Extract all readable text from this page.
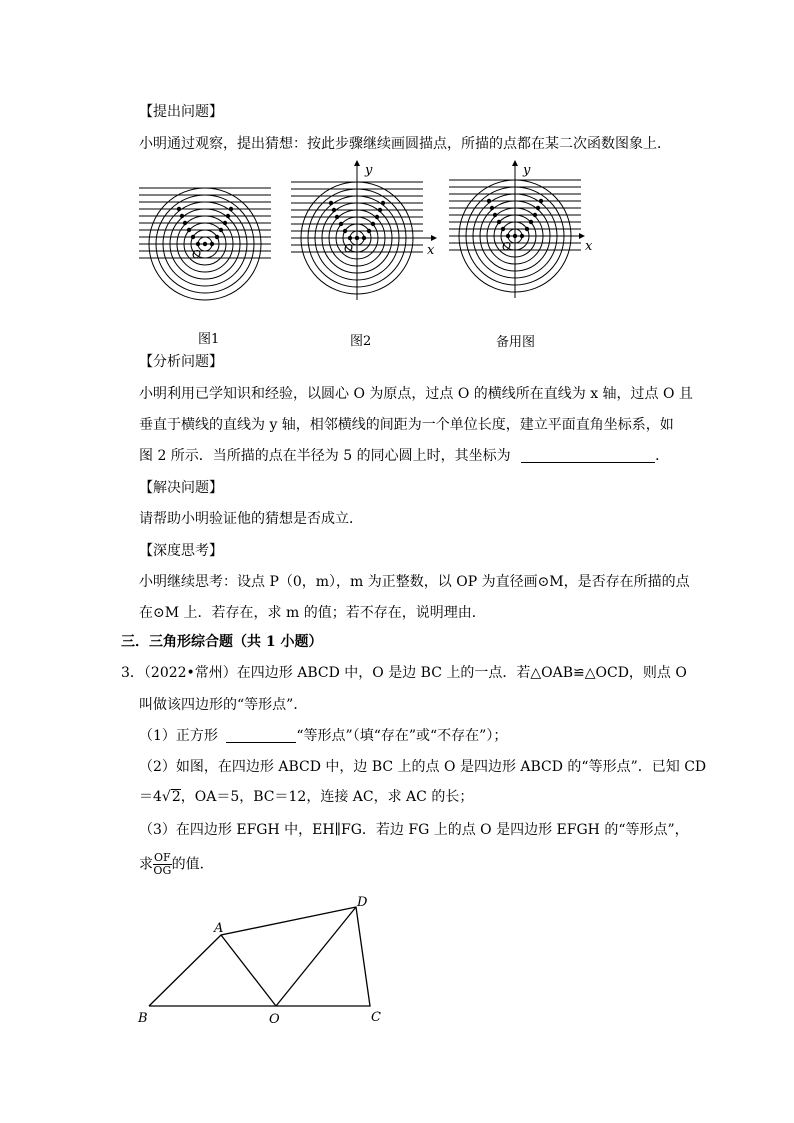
【提出问题】
小明通过观察，提出猜想：按此步骤继续画圆描点，所描的点都在某二次函数图象上．
O	O	x
y
O	x
y
图1	图2	备用图
【分析问题】
小明利用已学知识和经验，以圆心 O 为原点，过点 O 的横线所在直线为 x 轴，过点 O 且
垂直于横线的直线为 y 轴，相邻横线的间距为一个单位长度，建立平面直角坐标系，如
图 2 所示．当所描的点在半径为 5 的同心圆上时，其坐标为	．
【解决问题】
请帮助小明验证他的猜想是否成立．
【深度思考】
小明继续思考：设点 P（0，m），m 为正整数，以 OP 为直径画⊙M，是否存在所描的点
在⊙M 上．若存在，求 m 的值；若不存在，说明理由．
三．三角形综合题（共 1 小题）
3．（2022•常州）在四边形 ABCD 中，O 是边 BC 上的一点．若△OAB≌△OCD，则点 O
叫做该四边形的“等形点”．
（1）正方形	“等形点”（填“存在”或“不存在”）；
（2）如图，在四边形 ABCD 中，边 BC 上的点 O 是四边形 ABCD 的“等形点”．已知 CD
＝4√2，OA＝5，BC＝12，连接 AC，求 AC 的长；
（3）在四边形 EFGH 中，EH∥FG．若边 FG 上的点 O 是四边形 EFGH 的“等形点”，
求 $\frac{OF}{OG}$ 的值．
A
D
B	O	C
